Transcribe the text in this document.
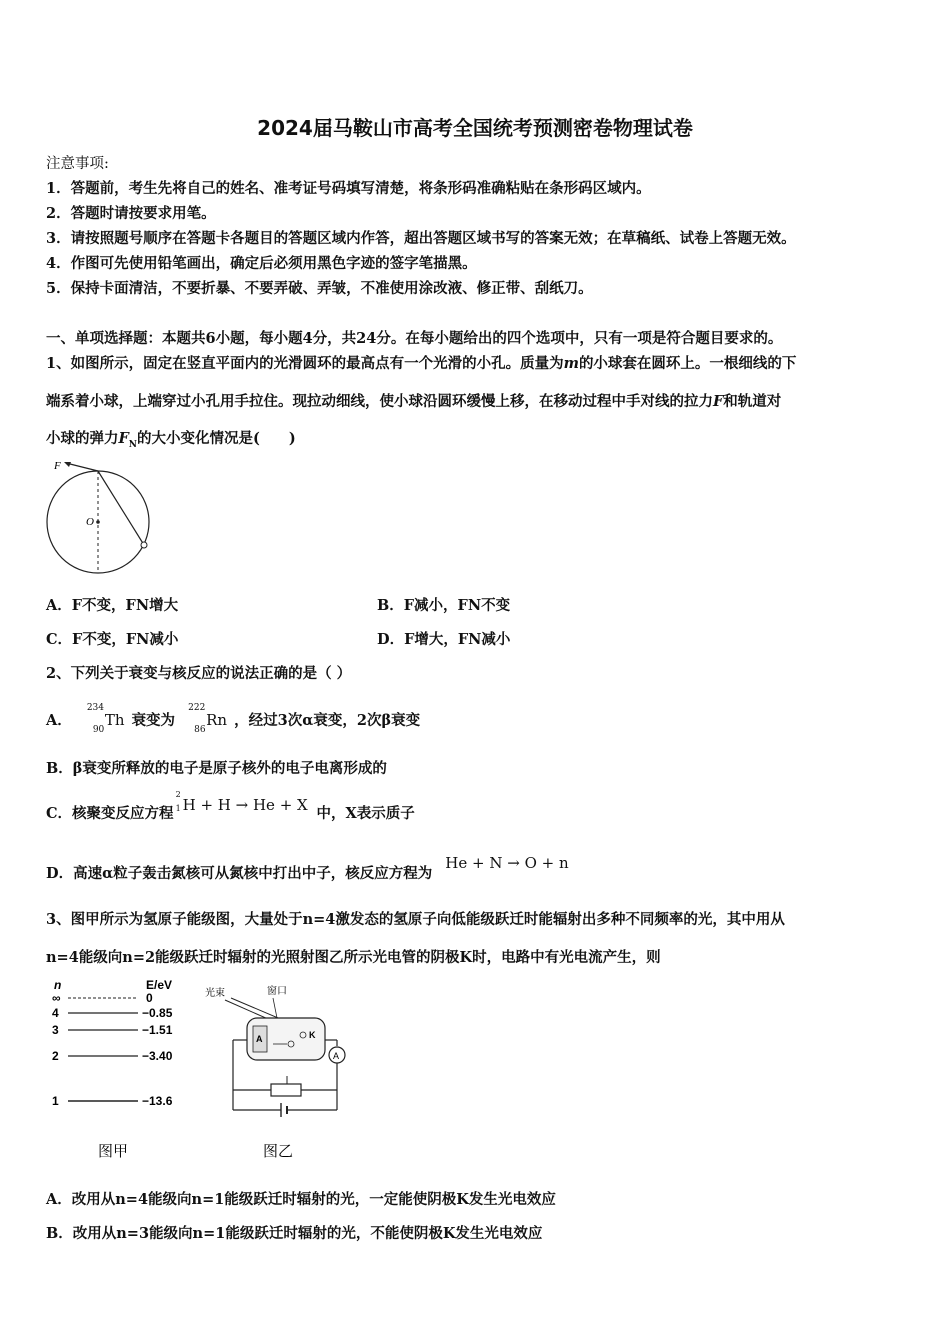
2024届马鞍山市高考全国统考预测密卷物理试卷
注意事项:
1．答题前，考生先将自己的姓名、准考证号码填写清楚，将条形码准确粘贴在条形码区域内。
2．答题时请按要求用笔。
3．请按照题号顺序在答题卡各题目的答题区域内作答，超出答题区域书写的答案无效；在草稿纸、试卷上答题无效。
4．作图可先使用铅笔画出，确定后必须用黑色字迹的签字笔描黑。
5．保持卡面清洁，不要折暴、不要弄破、弄皱，不准使用涂改液、修正带、刮纸刀。
一、单项选择题：本题共6小题，每小题4分，共24分。在每小题给出的四个选项中，只有一项是符合题目要求的。
1、如图所示，固定在竖直平面内的光滑圆环的最高点有一个光滑的小孔。质量为m的小球套在圆环上。一根细线的下
端系着小球，上端穿过小孔用手拉住。现拉动细线，使小球沿圆环缓慢上移，在移动过程中手对线的拉力F和轨道对
小球的弹力$F_N$的大小变化情况是(　　)
F
O
A．F不变，FN增大	B．F减小，FN不变
C．F不变，FN减小	D．F增大，FN减小
2、下列关于衰变与核反应的说法正确的是（ ）
A．
234
90
Th 衰变为
222
86
Rn ，经过3次α衰变，2次β衰变
B．β衰变所释放的电子是原子核外的电子电离形成的
C．核聚变反应方程
2
1 H + H → He + X 中，X表示质子
D．高速α粒子轰击氮核可从氮核中打出中子，核反应方程为 He + N → O + n
3、图甲所示为氢原子能级图，大量处于n=4激发态的氢原子向低能级跃迁时能辐射出多种不同频率的光，其中用从
n=4能级向n=2能级跃迁时辐射的光照射图乙所示光电管的阴极K时，电路中有光电流产生，则
n	E/eV
∞	0
4	−0.85
3	−1.51
2	−3.40
1	−13.6
图甲
光束	窗口
A	K
A
图乙
A．改用从n=4能级向n=1能级跃迁时辐射的光，一定能使阴极K发生光电效应
B．改用从n=3能级向n=1能级跃迁时辐射的光，不能使阴极K发生光电效应
